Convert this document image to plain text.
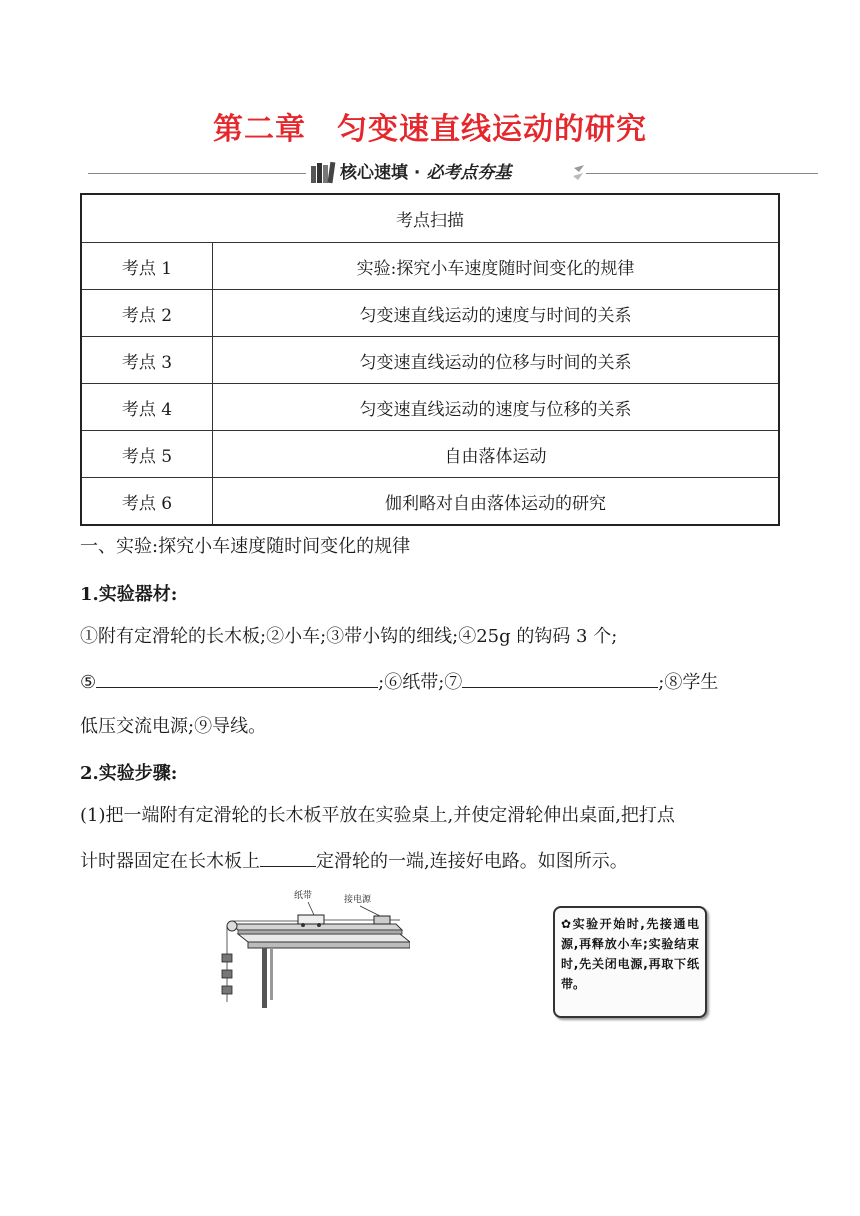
第二章　匀变速直线运动的研究
核心速填 · 必考点夯基
考点扫描	
考点 1	实验:探究小车速度随时间变化的规律
考点 2	匀变速直线运动的速度与时间的关系
考点 3	匀变速直线运动的位移与时间的关系
考点 4	匀变速直线运动的速度与位移的关系
考点 5	自由落体运动
考点 6	伽利略对自由落体运动的研究
一、实验:探究小车速度随时间变化的规律
1.实验器材:
①附有定滑轮的长木板;②小车;③带小钩的细线;④25g 的钩码 3 个;
⑤	;⑥纸带;⑦	;⑧学生
低压交流电源;⑨导线。
2.实验步骤:
(1)把一端附有定滑轮的长木板平放在实验桌上,并使定滑轮伸出桌面,把打点
计时器固定在长木板上	定滑轮的一端,连接好电路。如图所示。
纸带	接电源
✿实验开始时,先接通电源,再释放小车;实验结束时,先关闭电源,再取下纸带。
